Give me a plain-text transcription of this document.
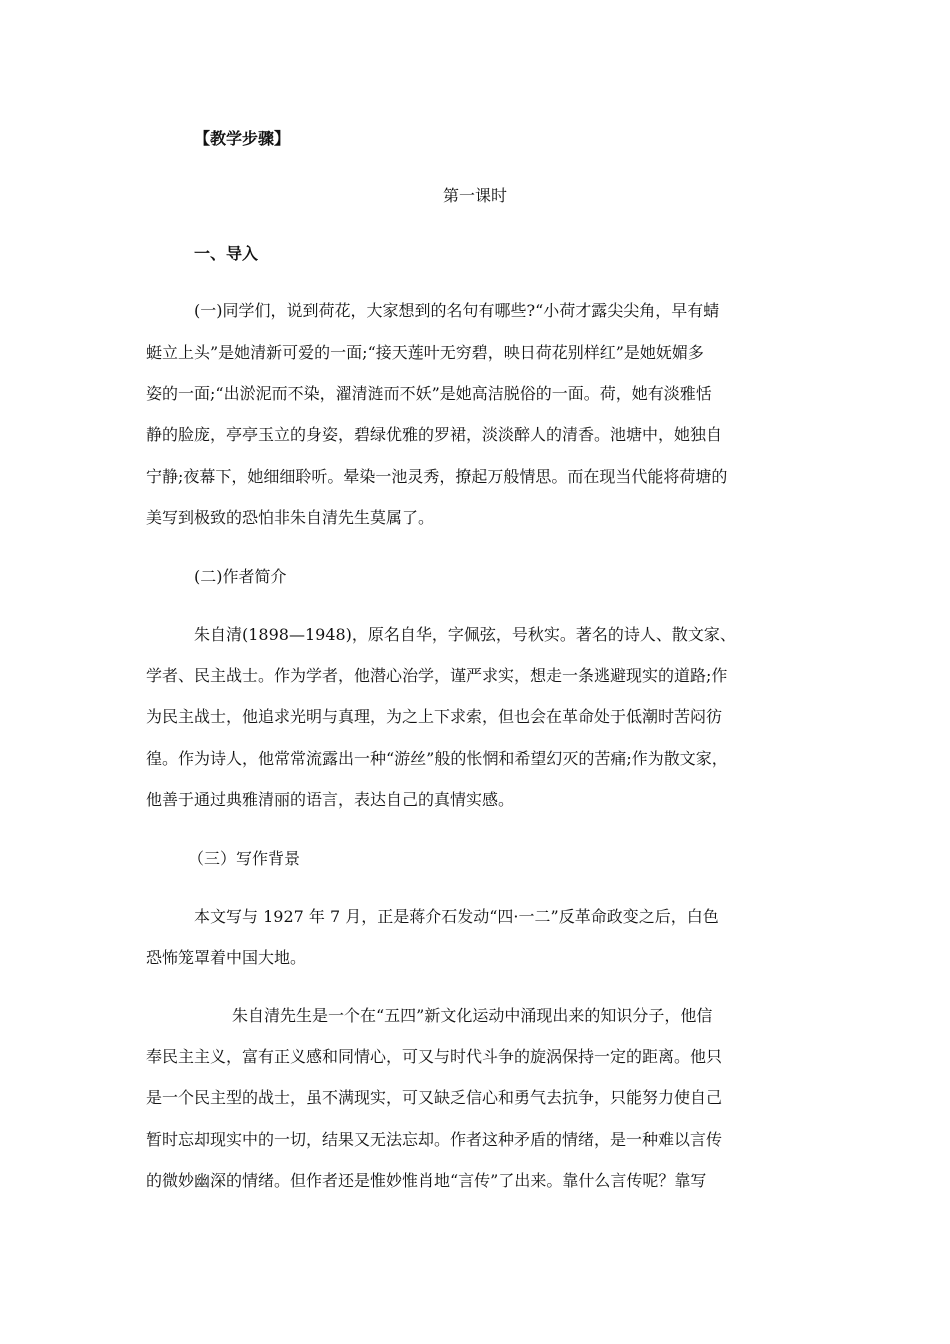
【教学步骤】
第一课时
一、导入
(一)同学们，说到荷花，大家想到的名句有哪些?“小荷才露尖尖角，早有蜻
蜓立上头”是她清新可爱的一面;“接天莲叶无穷碧，映日荷花别样红”是她妩媚多
姿的一面;“出淤泥而不染，濯清涟而不妖”是她高洁脱俗的一面。荷，她有淡雅恬
静的脸庞，亭亭玉立的身姿，碧绿优雅的罗裙，淡淡醉人的清香。池塘中，她独自
宁静;夜幕下，她细细聆听。晕染一池灵秀，撩起万般情思。而在现当代能将荷塘的
美写到极致的恐怕非朱自清先生莫属了。
(二)作者简介
朱自清(1898—1948)，原名自华，字佩弦，号秋实。著名的诗人、散文家、
学者、民主战士。作为学者，他潜心治学，谨严求实，想走一条逃避现实的道路;作
为民主战士，他追求光明与真理，为之上下求索，但也会在革命处于低潮时苦闷彷
徨。作为诗人，他常常流露出一种“游丝”般的怅惘和希望幻灭的苦痛;作为散文家，
他善于通过典雅清丽的语言，表达自己的真情实感。
（三）写作背景
本文写与 1927 年 7 月，正是蒋介石发动“四·一二”反革命政变之后，白色
恐怖笼罩着中国大地。
朱自清先生是一个在“五四”新文化运动中涌现出来的知识分子，他信
奉民主主义，富有正义感和同情心，可又与时代斗争的旋涡保持一定的距离。他只
是一个民主型的战士，虽不满现实，可又缺乏信心和勇气去抗争，只能努力使自己
暂时忘却现实中的一切，结果又无法忘却。作者这种矛盾的情绪，是一种难以言传
的微妙幽深的情绪。但作者还是惟妙惟肖地“言传”了出来。靠什么言传呢？靠写
